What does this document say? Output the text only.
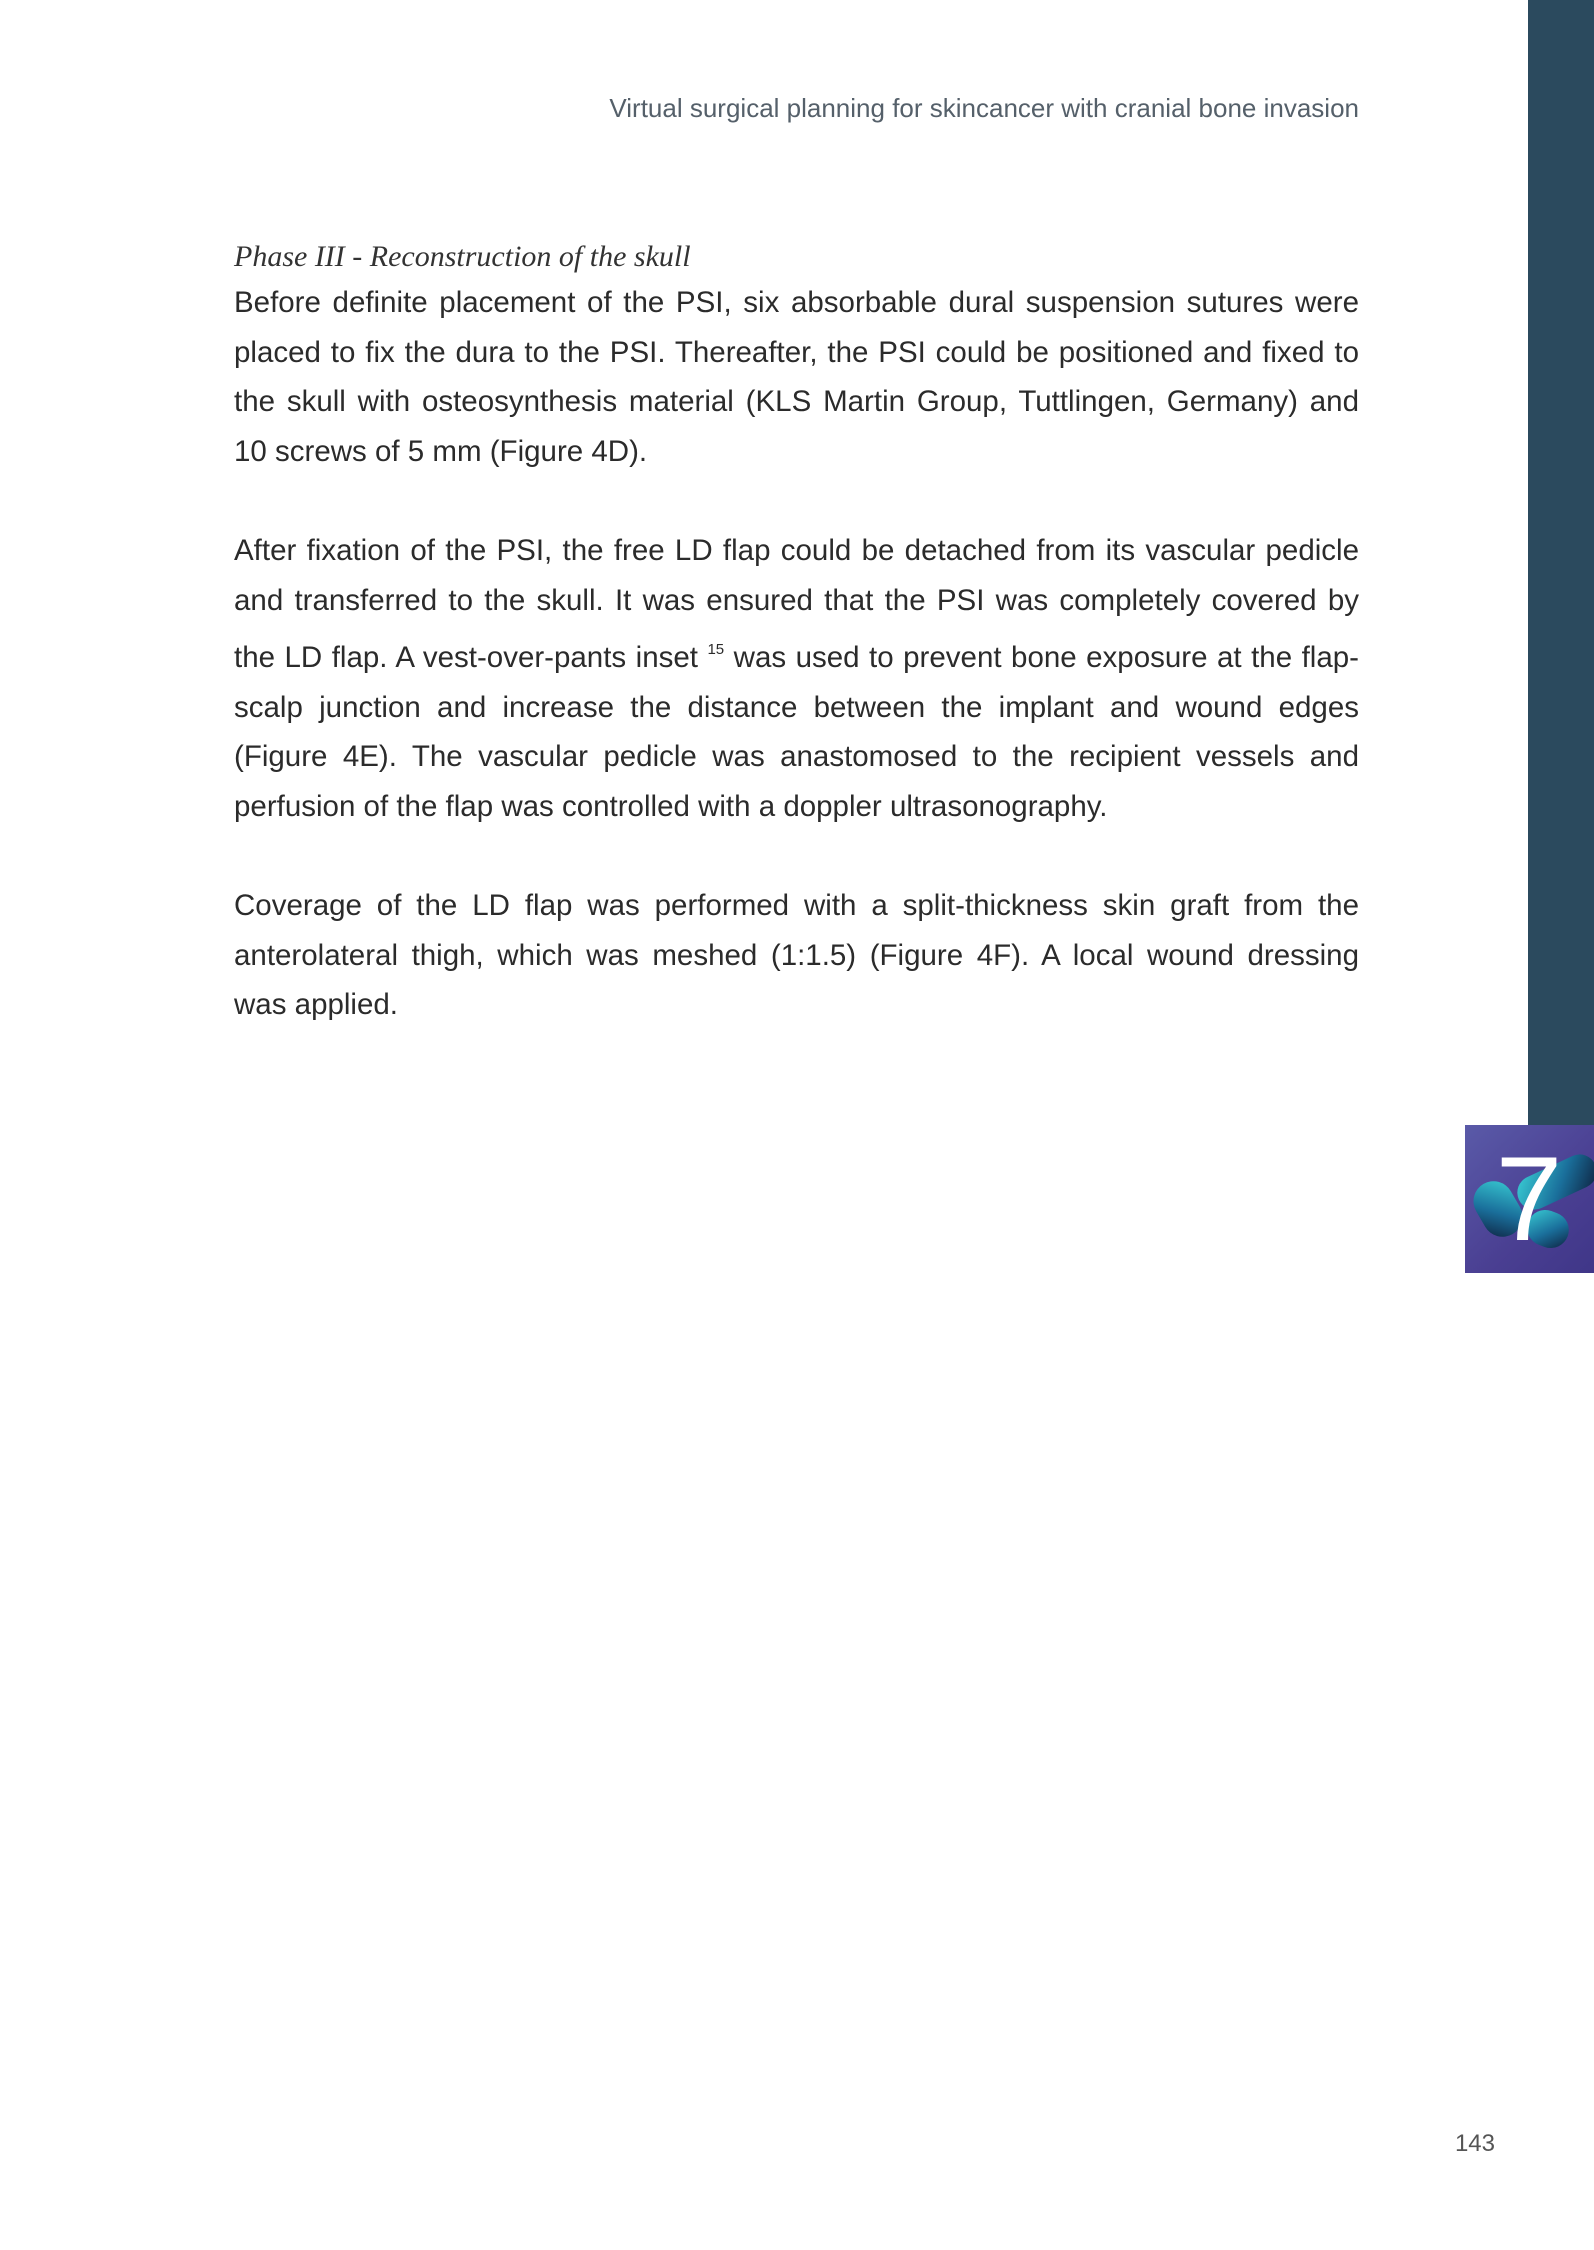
Virtual surgical planning for skincancer with cranial bone invasion

Phase III - Reconstruction of the skull

Before definite placement of the PSI, six absorbable dural suspension sutures were placed to fix the dura to the PSI. Thereafter, the PSI could be positioned and fixed to the skull with osteosynthesis material (KLS Martin Group, Tuttlingen, Germany) and 10 screws of 5 mm (Figure 4D).

After fixation of the PSI, the free LD flap could be detached from its vascular pedicle and transferred to the skull. It was ensured that the PSI was completely covered by the LD flap. A vest-over-pants inset $^{15}$ was used to prevent bone exposure at the flap-scalp junction and increase the distance between the implant and wound edges (Figure 4E). The vascular pedicle was anastomosed to the recipient vessels and perfusion of the flap was controlled with a doppler ultrasonography.

Coverage of the LD flap was performed with a split-thickness skin graft from the anterolateral thigh, which was meshed (1:1.5) (Figure 4F). A local wound dressing was applied.

7
143
